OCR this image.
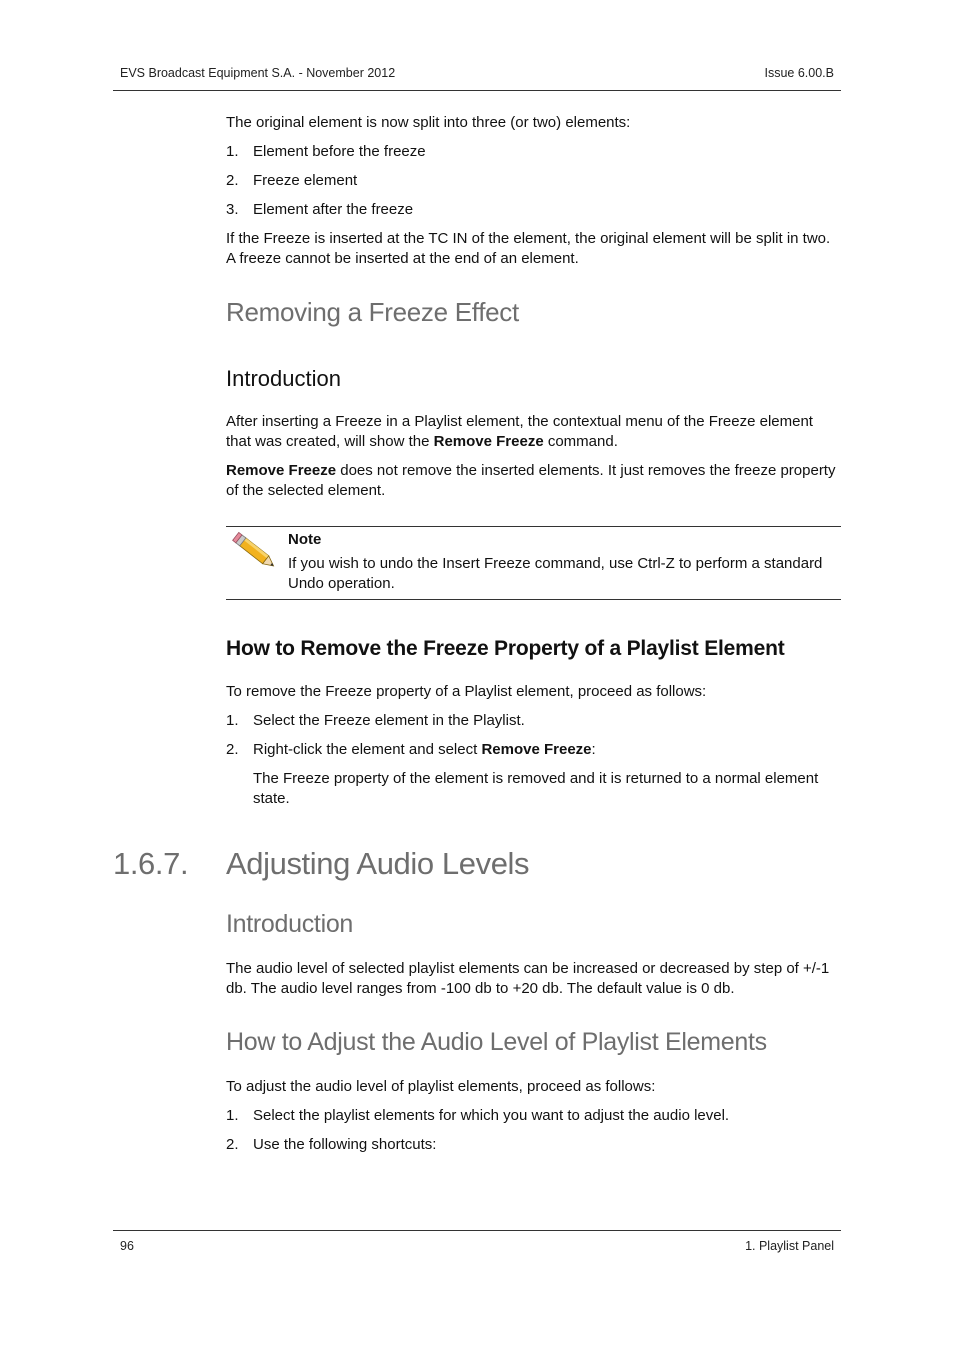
EVS Broadcast Equipment S.A. - November 2012	Issue 6.00.B
The original element is now split into three (or two) elements:
1. Element before the freeze
2. Freeze element
3. Element after the freeze
If the Freeze is inserted at the TC IN of the element, the original element will be split in two. A freeze cannot be inserted at the end of an element.
Removing a Freeze Effect
Introduction
After inserting a Freeze in a Playlist element, the contextual menu of the Freeze element that was created, will show the Remove Freeze command.
Remove Freeze does not remove the inserted elements. It just removes the freeze property of the selected element.
How to Remove the Freeze Property of a Playlist Element
To remove the Freeze property of a Playlist element, proceed as follows:
1. Select the Freeze element in the Playlist.
2. Right-click the element and select Remove Freeze:
The Freeze property of the element is removed and it is returned to a normal element state.
Introduction
The audio level of selected playlist elements can be increased or decreased by step of +/-1 db. The audio level ranges from -100 db to +20 db. The default value is 0 db.
How to Adjust the Audio Level of Playlist Elements
To adjust the audio level of playlist elements, proceed as follows:
1. Select the playlist elements for which you want to adjust the audio level.
2. Use the following shortcuts:
Note
If you wish to undo the Insert Freeze command, use Ctrl-Z to perform a standard Undo operation.
1.6.7. Adjusting Audio Levels
96	1. Playlist Panel
